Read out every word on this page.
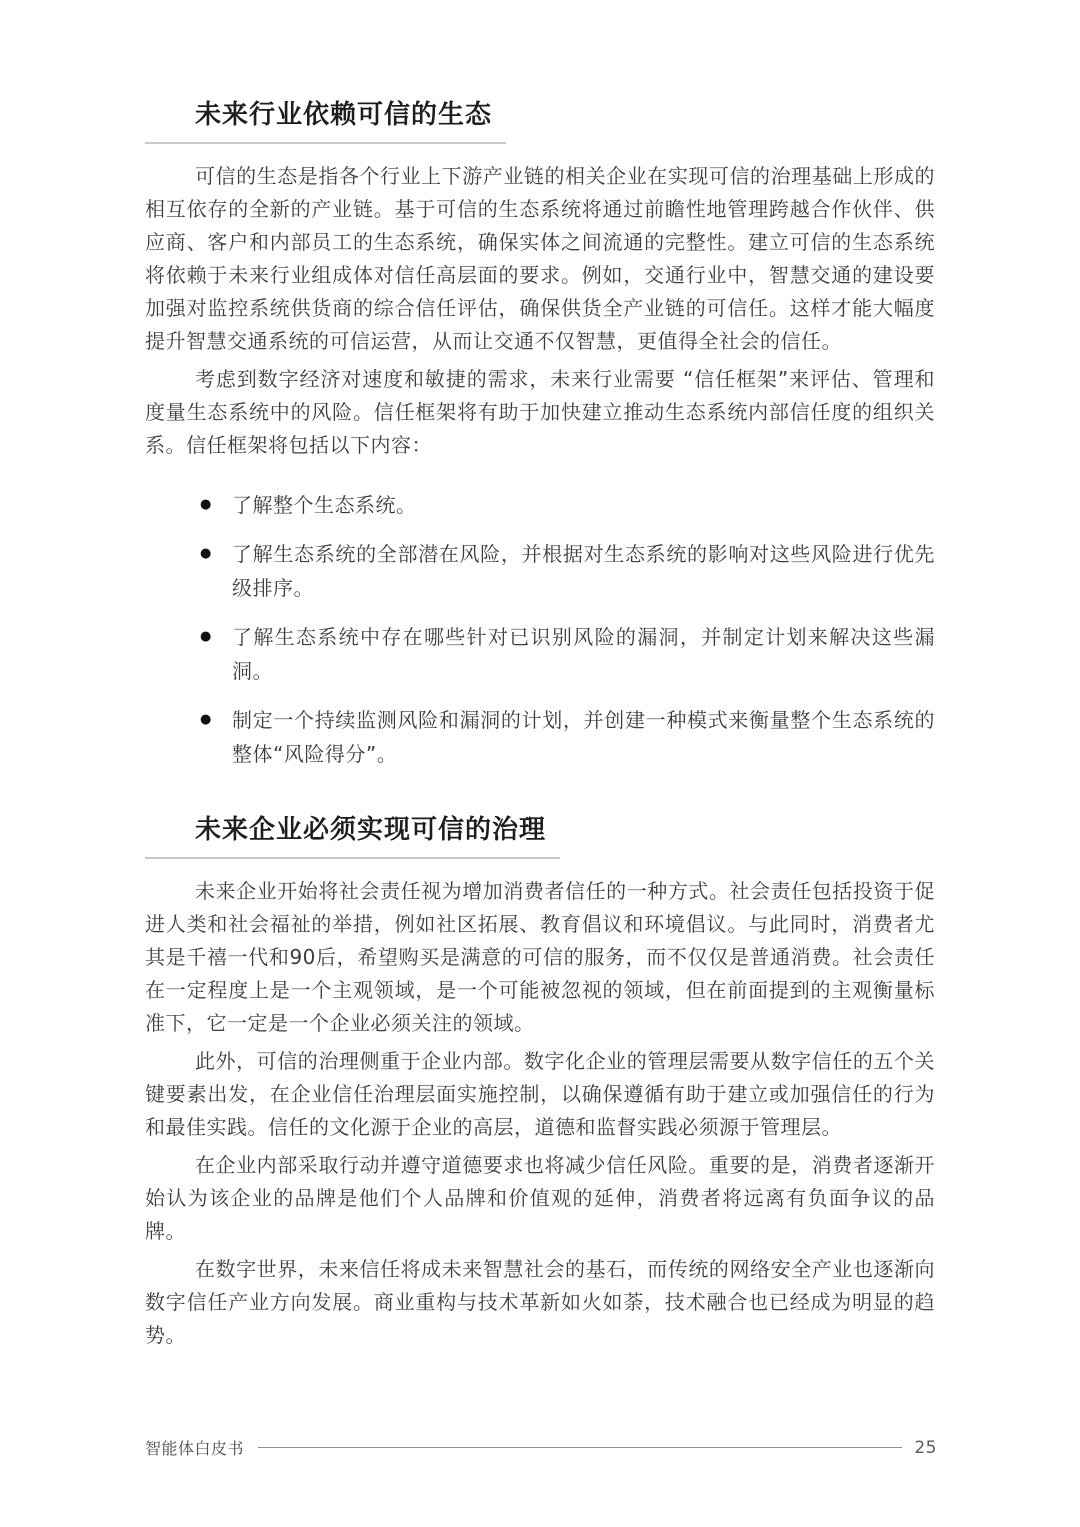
未来行业依赖可信的生态

可信的生态是指各个行业上下游产业链的相关企业在实现可信的治理基础上形成的相互依存的全新的产业链。基于可信的生态系统将通过前瞻性地管理跨越合作伙伴、供应商、客户和内部员工的生态系统，确保实体之间流通的完整性。建立可信的生态系统将依赖于未来行业组成体对信任高层面的要求。例如，交通行业中，智慧交通的建设要加强对监控系统供货商的综合信任评估，确保供货全产业链的可信任。这样才能大幅度提升智慧交通系统的可信运营，从而让交通不仅智慧，更值得全社会的信任。

考虑到数字经济对速度和敏捷的需求，未来行业需要 “信任框架”来评估、管理和度量生态系统中的风险。信任框架将有助于加快建立推动生态系统内部信任度的组织关系。信任框架将包括以下内容：

● 了解整个生态系统。
● 了解生态系统的全部潜在风险，并根据对生态系统的影响对这些风险进行优先级排序。
● 了解生态系统中存在哪些针对已识别风险的漏洞，并制定计划来解决这些漏洞。
● 制定一个持续监测风险和漏洞的计划，并创建一种模式来衡量整个生态系统的整体“风险得分”。
未来企业必须实现可信的治理

未来企业开始将社会责任视为增加消费者信任的一种方式。社会责任包括投资于促进人类和社会福祉的举措，例如社区拓展、教育倡议和环境倡议。与此同时，消费者尤其是千禧一代和90后，希望购买是满意的可信的服务，而不仅仅是普通消费。社会责任在一定程度上是一个主观领域，是一个可能被忽视的领域，但在前面提到的主观衡量标准下，它一定是一个企业必须关注的领域。

此外，可信的治理侧重于企业内部。数字化企业的管理层需要从数字信任的五个关键要素出发，在企业信任治理层面实施控制，以确保遵循有助于建立或加强信任的行为和最佳实践。信任的文化源于企业的高层，道德和监督实践必须源于管理层。

在企业内部采取行动并遵守道德要求也将减少信任风险。重要的是，消费者逐渐开始认为该企业的品牌是他们个人品牌和价值观的延伸，消费者将远离有负面争议的品牌。

在数字世界，未来信任将成未来智慧社会的基石，而传统的网络安全产业也逐渐向数字信任产业方向发展。商业重构与技术革新如火如荼，技术融合也已经成为明显的趋势。

智能体白皮书	25
